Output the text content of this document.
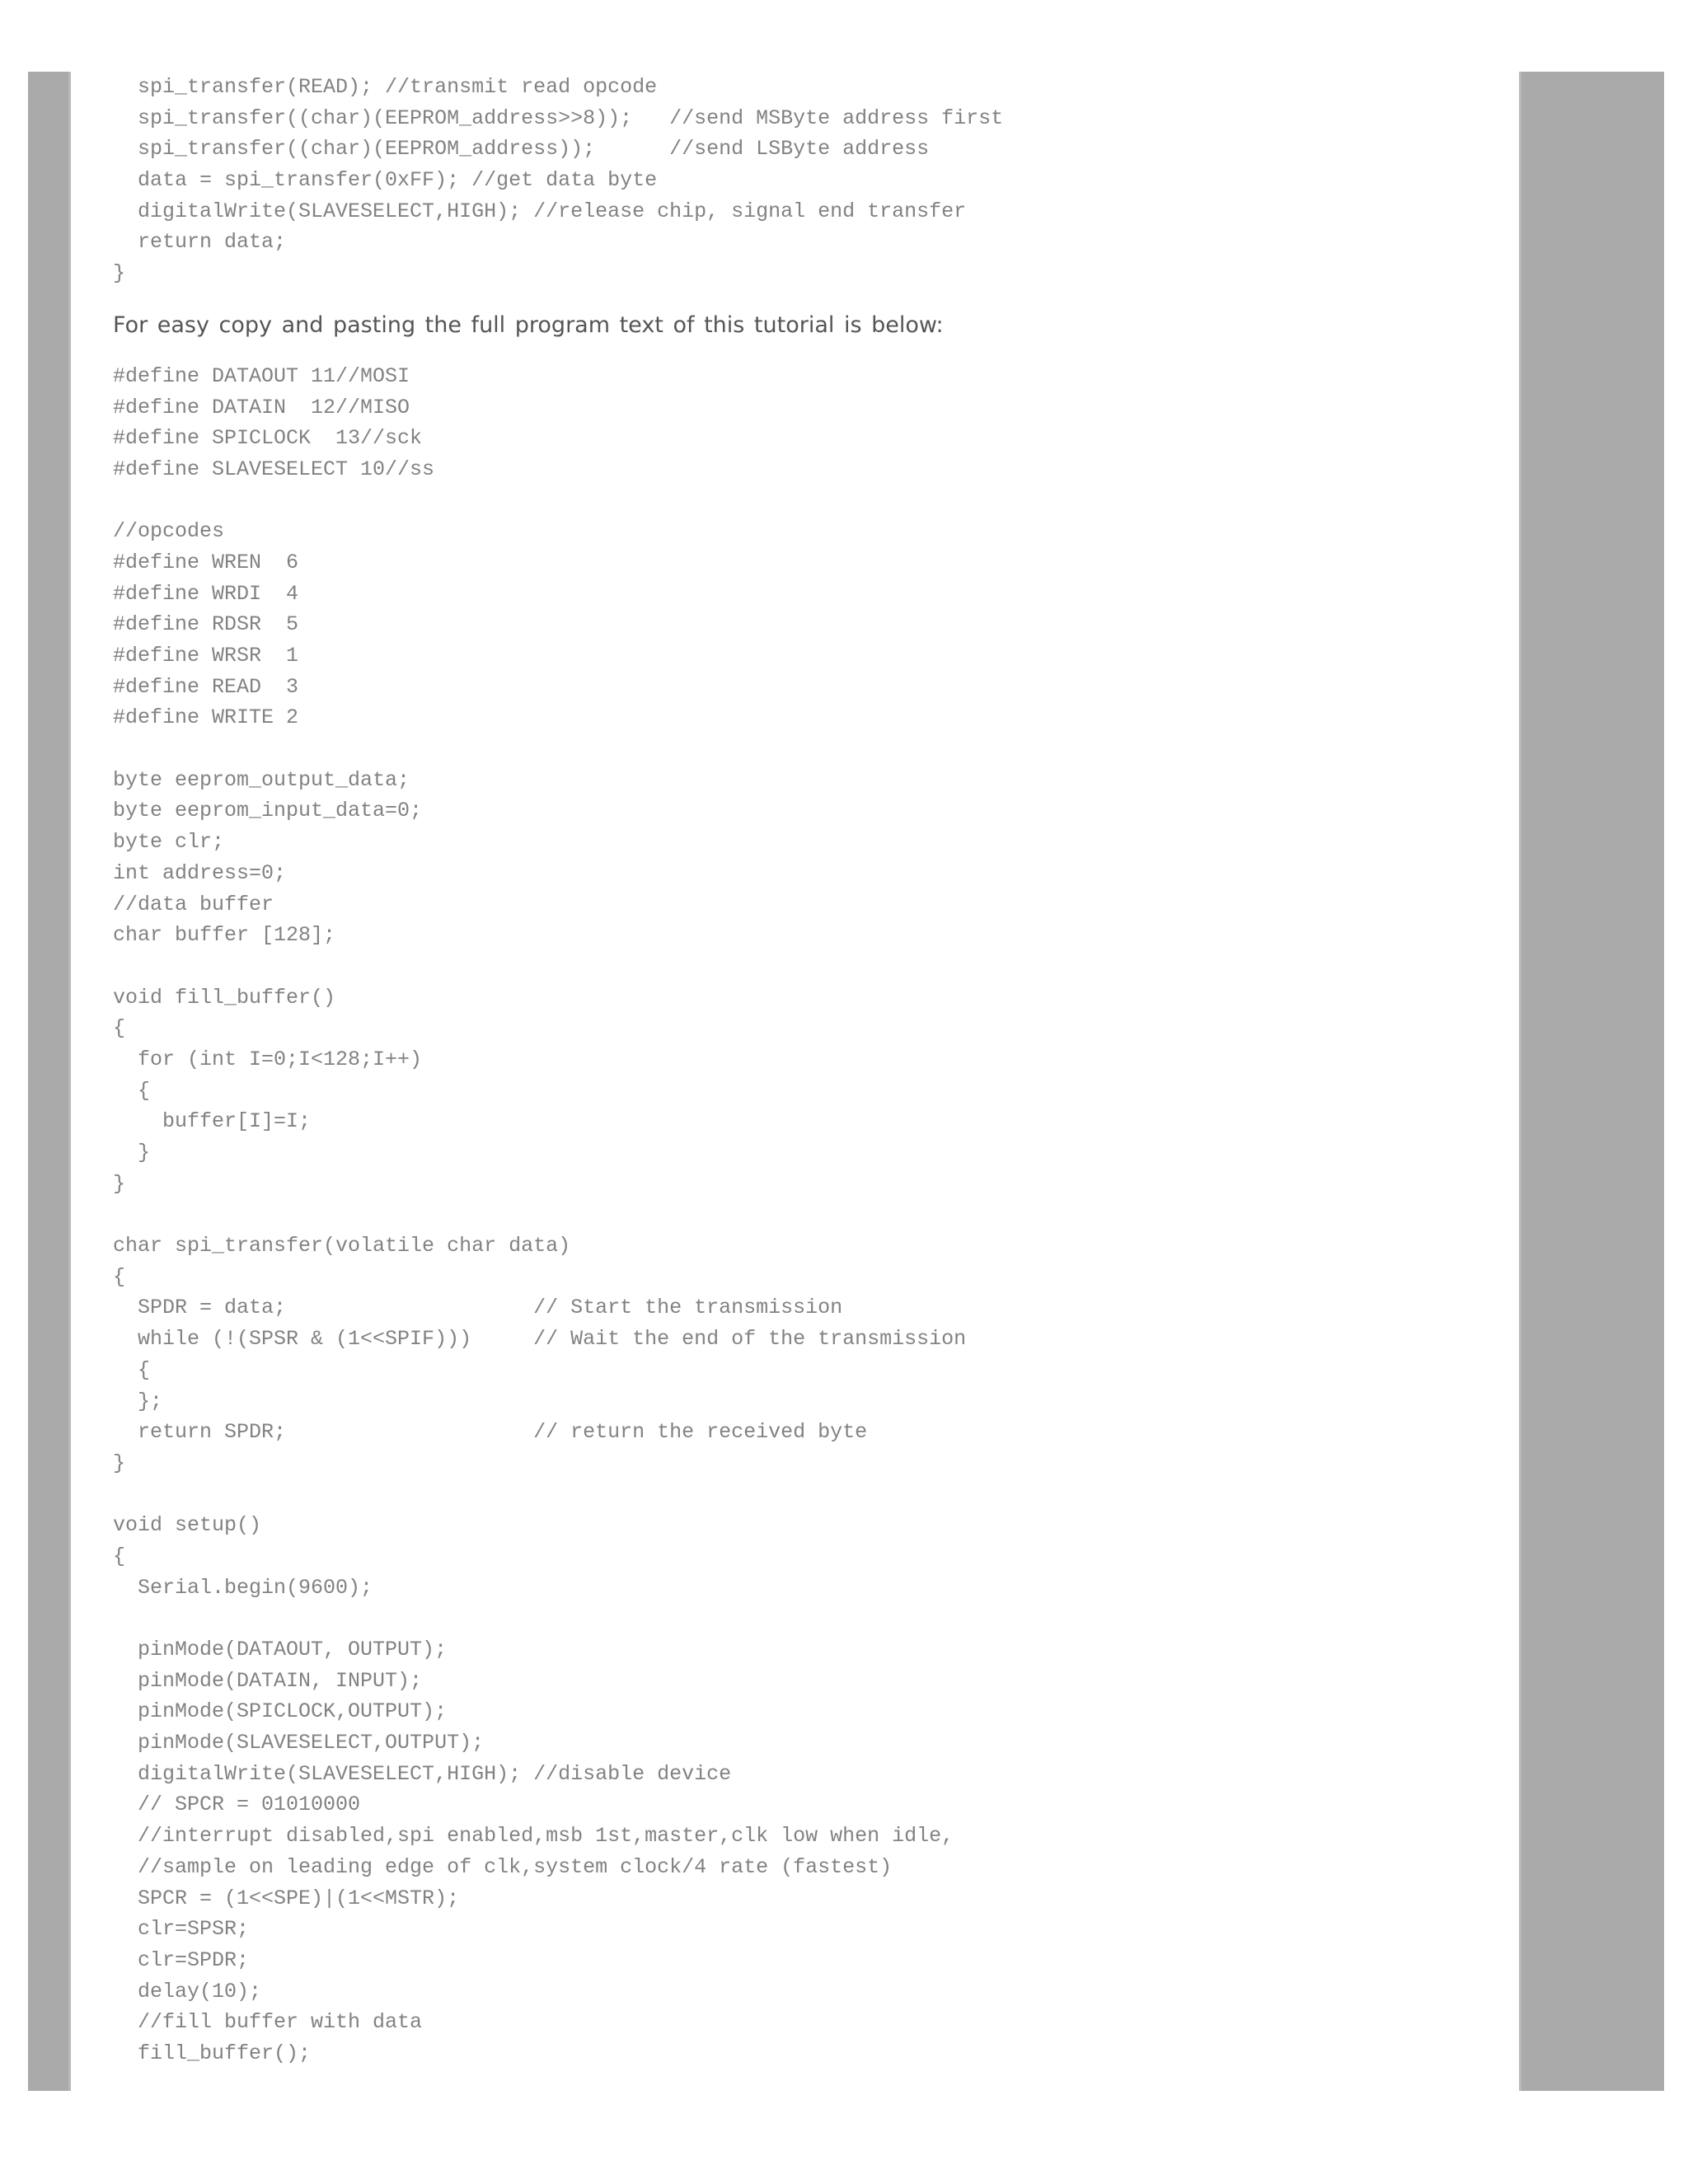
spi_transfer(READ); //transmit read opcode
spi_transfer((char)(EEPROM_address>>8));   //send MSByte address first
spi_transfer((char)(EEPROM_address));      //send LSByte address
data = spi_transfer(0xFF); //get data byte
digitalWrite(SLAVESELECT,HIGH); //release chip, signal end transfer
return data;
}

For easy copy and pasting the full program text of this tutorial is below:

#define DATAOUT 11//MOSI
#define DATAIN  12//MISO
#define SPICLOCK  13//sck
#define SLAVESELECT 10//ss
//opcodes
#define WREN  6
#define WRDI  4
#define RDSR  5
#define WRSR  1
#define READ  3
#define WRITE 2
byte eeprom_output_data;
byte eeprom_input_data=0;
byte clr;
int address=0;
//data buffer
char buffer [128];
void fill_buffer()
{
for (int I=0;I<128;I++)
{
buffer[I]=I;
}
}
char spi_transfer(volatile char data)
{
SPDR = data;                    // Start the transmission
while (!(SPSR & (1<<SPIF)))     // Wait the end of the transmission
{
};
return SPDR;                    // return the received byte
}
void setup()
{
Serial.begin(9600);
pinMode(DATAOUT, OUTPUT);
pinMode(DATAIN, INPUT);
pinMode(SPICLOCK,OUTPUT);
pinMode(SLAVESELECT,OUTPUT);
digitalWrite(SLAVESELECT,HIGH); //disable device
// SPCR = 01010000
//interrupt disabled,spi enabled,msb 1st,master,clk low when idle,
//sample on leading edge of clk,system clock/4 rate (fastest)
SPCR = (1<<SPE)|(1<<MSTR);
clr=SPSR;
clr=SPDR;
delay(10);
//fill buffer with data
fill_buffer();
